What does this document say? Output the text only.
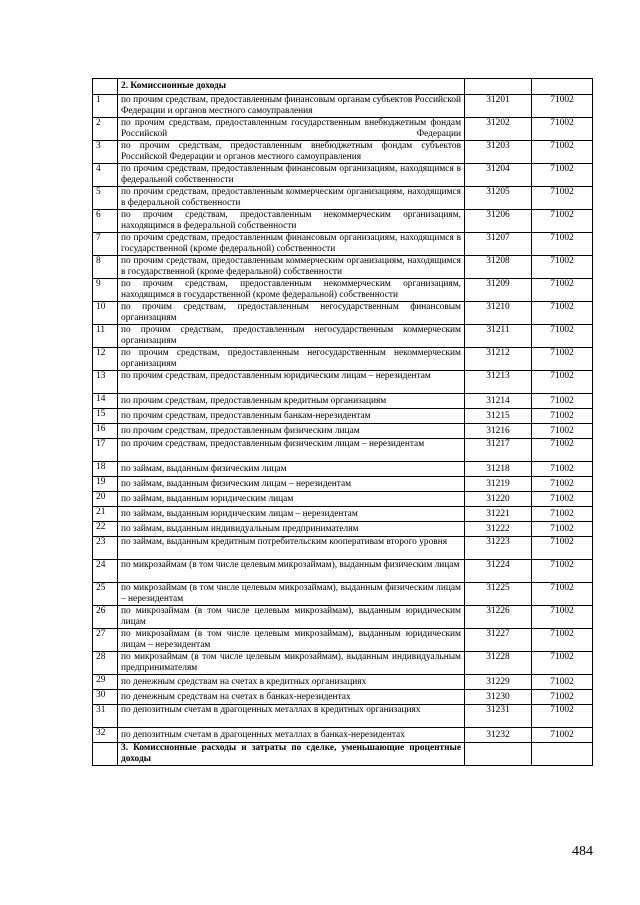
	2. Комиссионные доходы		
1	по прочим средствам, предоставленным финансовым органам субъектов Российской Федерации и органов местного самоуправления	31201	71002
2	по прочим средствам, предоставленным государственным внебюджетным фондам Российской Федерации	31202	71002
3	по прочим средствам, предоставленным внебюджетным фондам субъектов Российской Федерации и органов местного самоуправления	31203	71002
4	по прочим средствам, предоставленным финансовым организациям, находящимся в федеральной собственности	31204	71002
5	по прочим средствам, предоставленным коммерческим организациям, находящимся в федеральной собственности	31205	71002
6	по прочим средствам, предоставленным некоммерческим организациям, находящимся в федеральной собственности	31206	71002
7	по прочим средствам, предоставленным финансовым организациям, находящимся в государственной (кроме федеральной) собственности	31207	71002
8	по прочим средствам, предоставленным коммерческим организациям, находящимся в государственной (кроме федеральной) собственности	31208	71002
9	по прочим средствам, предоставленным некоммерческим организациям, находящимся в государственной (кроме федеральной) собственности	31209	71002
10	по прочим средствам, предоставленным негосударственным финансовым организациям	31210	71002
11	по прочим средствам, предоставленным негосударственным коммерческим организациям	31211	71002
12	по прочим средствам, предоставленным негосударственным некоммерческим организациям	31212	71002
13	по прочим средствам, предоставленным юридическим лицам – нерезидентам	31213	71002
14	по прочим средствам, предоставленным кредитным организациям	31214	71002
15	по прочим средствам, предоставленным банкам-нерезидентам	31215	71002
16	по прочим средствам, предоставленным физическим лицам	31216	71002
17	по прочим средствам, предоставленным физическим лицам – нерезидентам	31217	71002
18	по займам, выданным физическим лицам	31218	71002
19	по займам, выданным физическим лицам – нерезидентам	31219	71002
20	по займам, выданным юридическим лицам	31220	71002
21	по займам, выданным юридическим лицам – нерезидентам	31221	71002
22	по займам, выданным индивидуальным предпринимателям	31222	71002
23	по займам, выданным кредитным потребительским кооперативам второго уровня	31223	71002
24	по микрозаймам (в том числе целевым микрозаймам), выданным физическим лицам	31224	71002
25	по микрозаймам (в том числе целевым микрозаймам), выданным физическим лицам – нерезидентам	31225	71002
26	по микрозаймам (в том числе целевым микрозаймам), выданным юридическим лицам	31226	71002
27	по микрозаймам (в том числе целевым микрозаймам), выданным юридическим лицам – нерезидентам	31227	71002
28	по микрозаймам (в том числе целевым микрозаймам), выданным индивидуальным предпринимателям	31228	71002
29	по денежным средствам на счетах в кредитных организациях	31229	71002
30	по денежным средствам на счетах в банках-нерезидентах	31230	71002
31	по депозитным счетам в драгоценных металлах в кредитных организациях	31231	71002
32	по депозитным счетам в драгоценных металлах в банках-нерезидентах	31232	71002
	3. Комиссионные расходы и затраты по сделке, уменьшающие процентные доходы		
484
